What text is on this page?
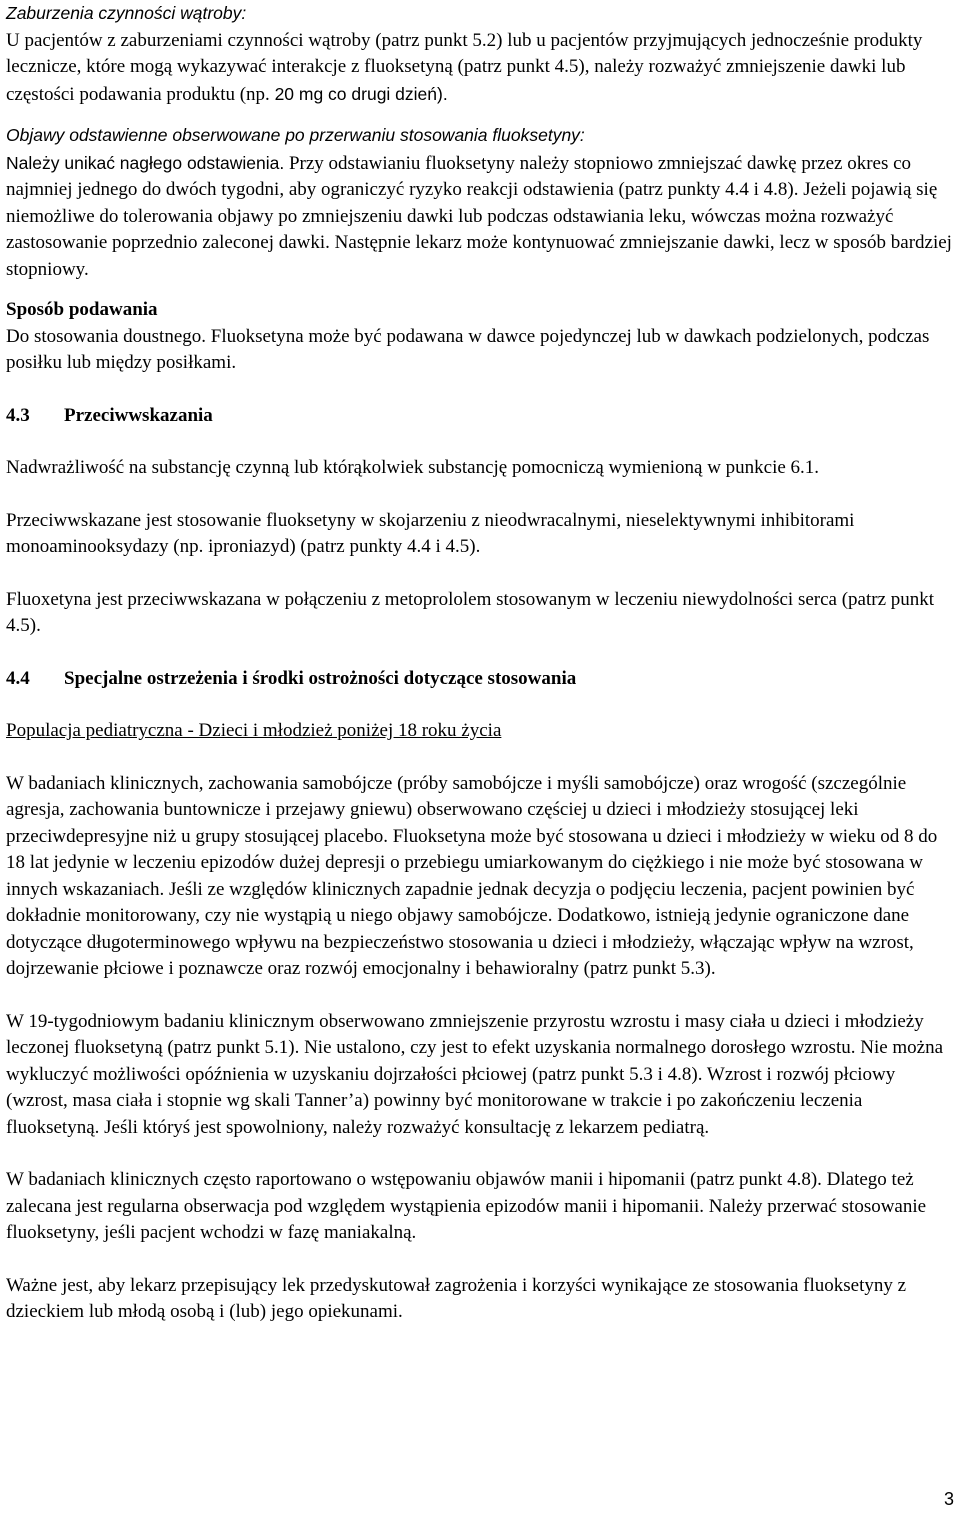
Zaburzenia czynności wątroby:
U pacjentów z zaburzeniami czynności wątroby (patrz punkt 5.2) lub u pacjentów przyjmujących jednocześnie produkty lecznicze, które mogą wykazywać interakcje z fluoksetyną (patrz punkt 4.5), należy rozważyć zmniejszenie dawki lub częstości podawania produktu (np. 20 mg co drugi dzień).

Objawy odstawienne obserwowane po przerwaniu stosowania fluoksetyny:
Należy unikać nagłego odstawienia. Przy odstawianiu fluoksetyny należy stopniowo zmniejszać dawkę przez okres co najmniej jednego do dwóch tygodni, aby ograniczyć ryzyko reakcji odstawienia (patrz punkty 4.4 i 4.8). Jeżeli pojawią się niemożliwe do tolerowania objawy po zmniejszeniu dawki lub podczas odstawiania leku, wówczas można rozważyć zastosowanie poprzednio zaleconej dawki. Następnie lekarz może kontynuować zmniejszanie dawki, lecz w sposób bardziej stopniowy.

Sposób podawania
Do stosowania doustnego. Fluoksetyna może być podawana w dawce pojedynczej lub w dawkach podzielonych, podczas posiłku lub między posiłkami.

4.3	Przeciwwskazania

Nadwrażliwość na substancję czynną lub którąkolwiek substancję pomocniczą wymienioną w punkcie 6.1.

Przeciwwskazane jest stosowanie fluoksetyny w skojarzeniu z nieodwracalnymi, nieselektywnymi inhibitorami monoaminooksydazy (np. iproniazyd) (patrz punkty 4.4 i 4.5).

Fluoxetyna jest przeciwwskazana w połączeniu z metoprololem stosowanym w leczeniu niewydolności serca (patrz punkt 4.5).

4.4	Specjalne ostrzeżenia i środki ostrożności dotyczące stosowania

Populacja pediatryczna - Dzieci i młodzież poniżej 18 roku życia

W badaniach klinicznych, zachowania samobójcze (próby samobójcze i myśli samobójcze) oraz wrogość (szczególnie agresja, zachowania buntownicze i przejawy gniewu) obserwowano częściej u dzieci i młodzieży stosującej leki przeciwdepresyjne niż u grupy stosującej placebo. Fluoksetyna może być stosowana u dzieci i młodzieży w wieku od 8 do 18 lat jedynie w leczeniu epizodów dużej depresji o przebiegu umiarkowanym do ciężkiego i nie może być stosowana w innych wskazaniach. Jeśli ze względów klinicznych zapadnie jednak decyzja o podjęciu leczenia, pacjent powinien być dokładnie monitorowany, czy nie wystąpią u niego objawy samobójcze. Dodatkowo, istnieją jedynie ograniczone dane dotyczące długoterminowego wpływu na bezpieczeństwo stosowania u dzieci i młodzieży, włączając wpływ na wzrost, dojrzewanie płciowe i poznawcze oraz rozwój emocjonalny i behawioralny (patrz punkt 5.3).

W 19-tygodniowym badaniu klinicznym obserwowano zmniejszenie przyrostu wzrostu i masy ciała u dzieci i młodzieży leczonej fluoksetyną (patrz punkt 5.1). Nie ustalono, czy jest to efekt uzyskania normalnego dorosłego wzrostu. Nie można wykluczyć możliwości opóźnienia w uzyskaniu dojrzałości płciowej (patrz punkt 5.3 i 4.8). Wzrost i rozwój płciowy (wzrost, masa ciała i stopnie wg skali Tanner’a) powinny być monitorowane w trakcie i po zakończeniu leczenia fluoksetyną. Jeśli któryś jest spowolniony, należy rozważyć konsultację z lekarzem pediatrą.

W badaniach klinicznych często raportowano o wstępowaniu objawów manii i hipomanii (patrz punkt 4.8). Dlatego też zalecana jest regularna obserwacja pod względem wystąpienia epizodów manii i hipomanii. Należy przerwać stosowanie fluoksetyny, jeśli pacjent wchodzi w fazę maniakalną.

Ważne jest, aby lekarz przepisujący lek przedyskutował zagrożenia i korzyści wynikające ze stosowania fluoksetyny z dzieckiem lub młodą osobą i (lub) jego opiekunami.

3
